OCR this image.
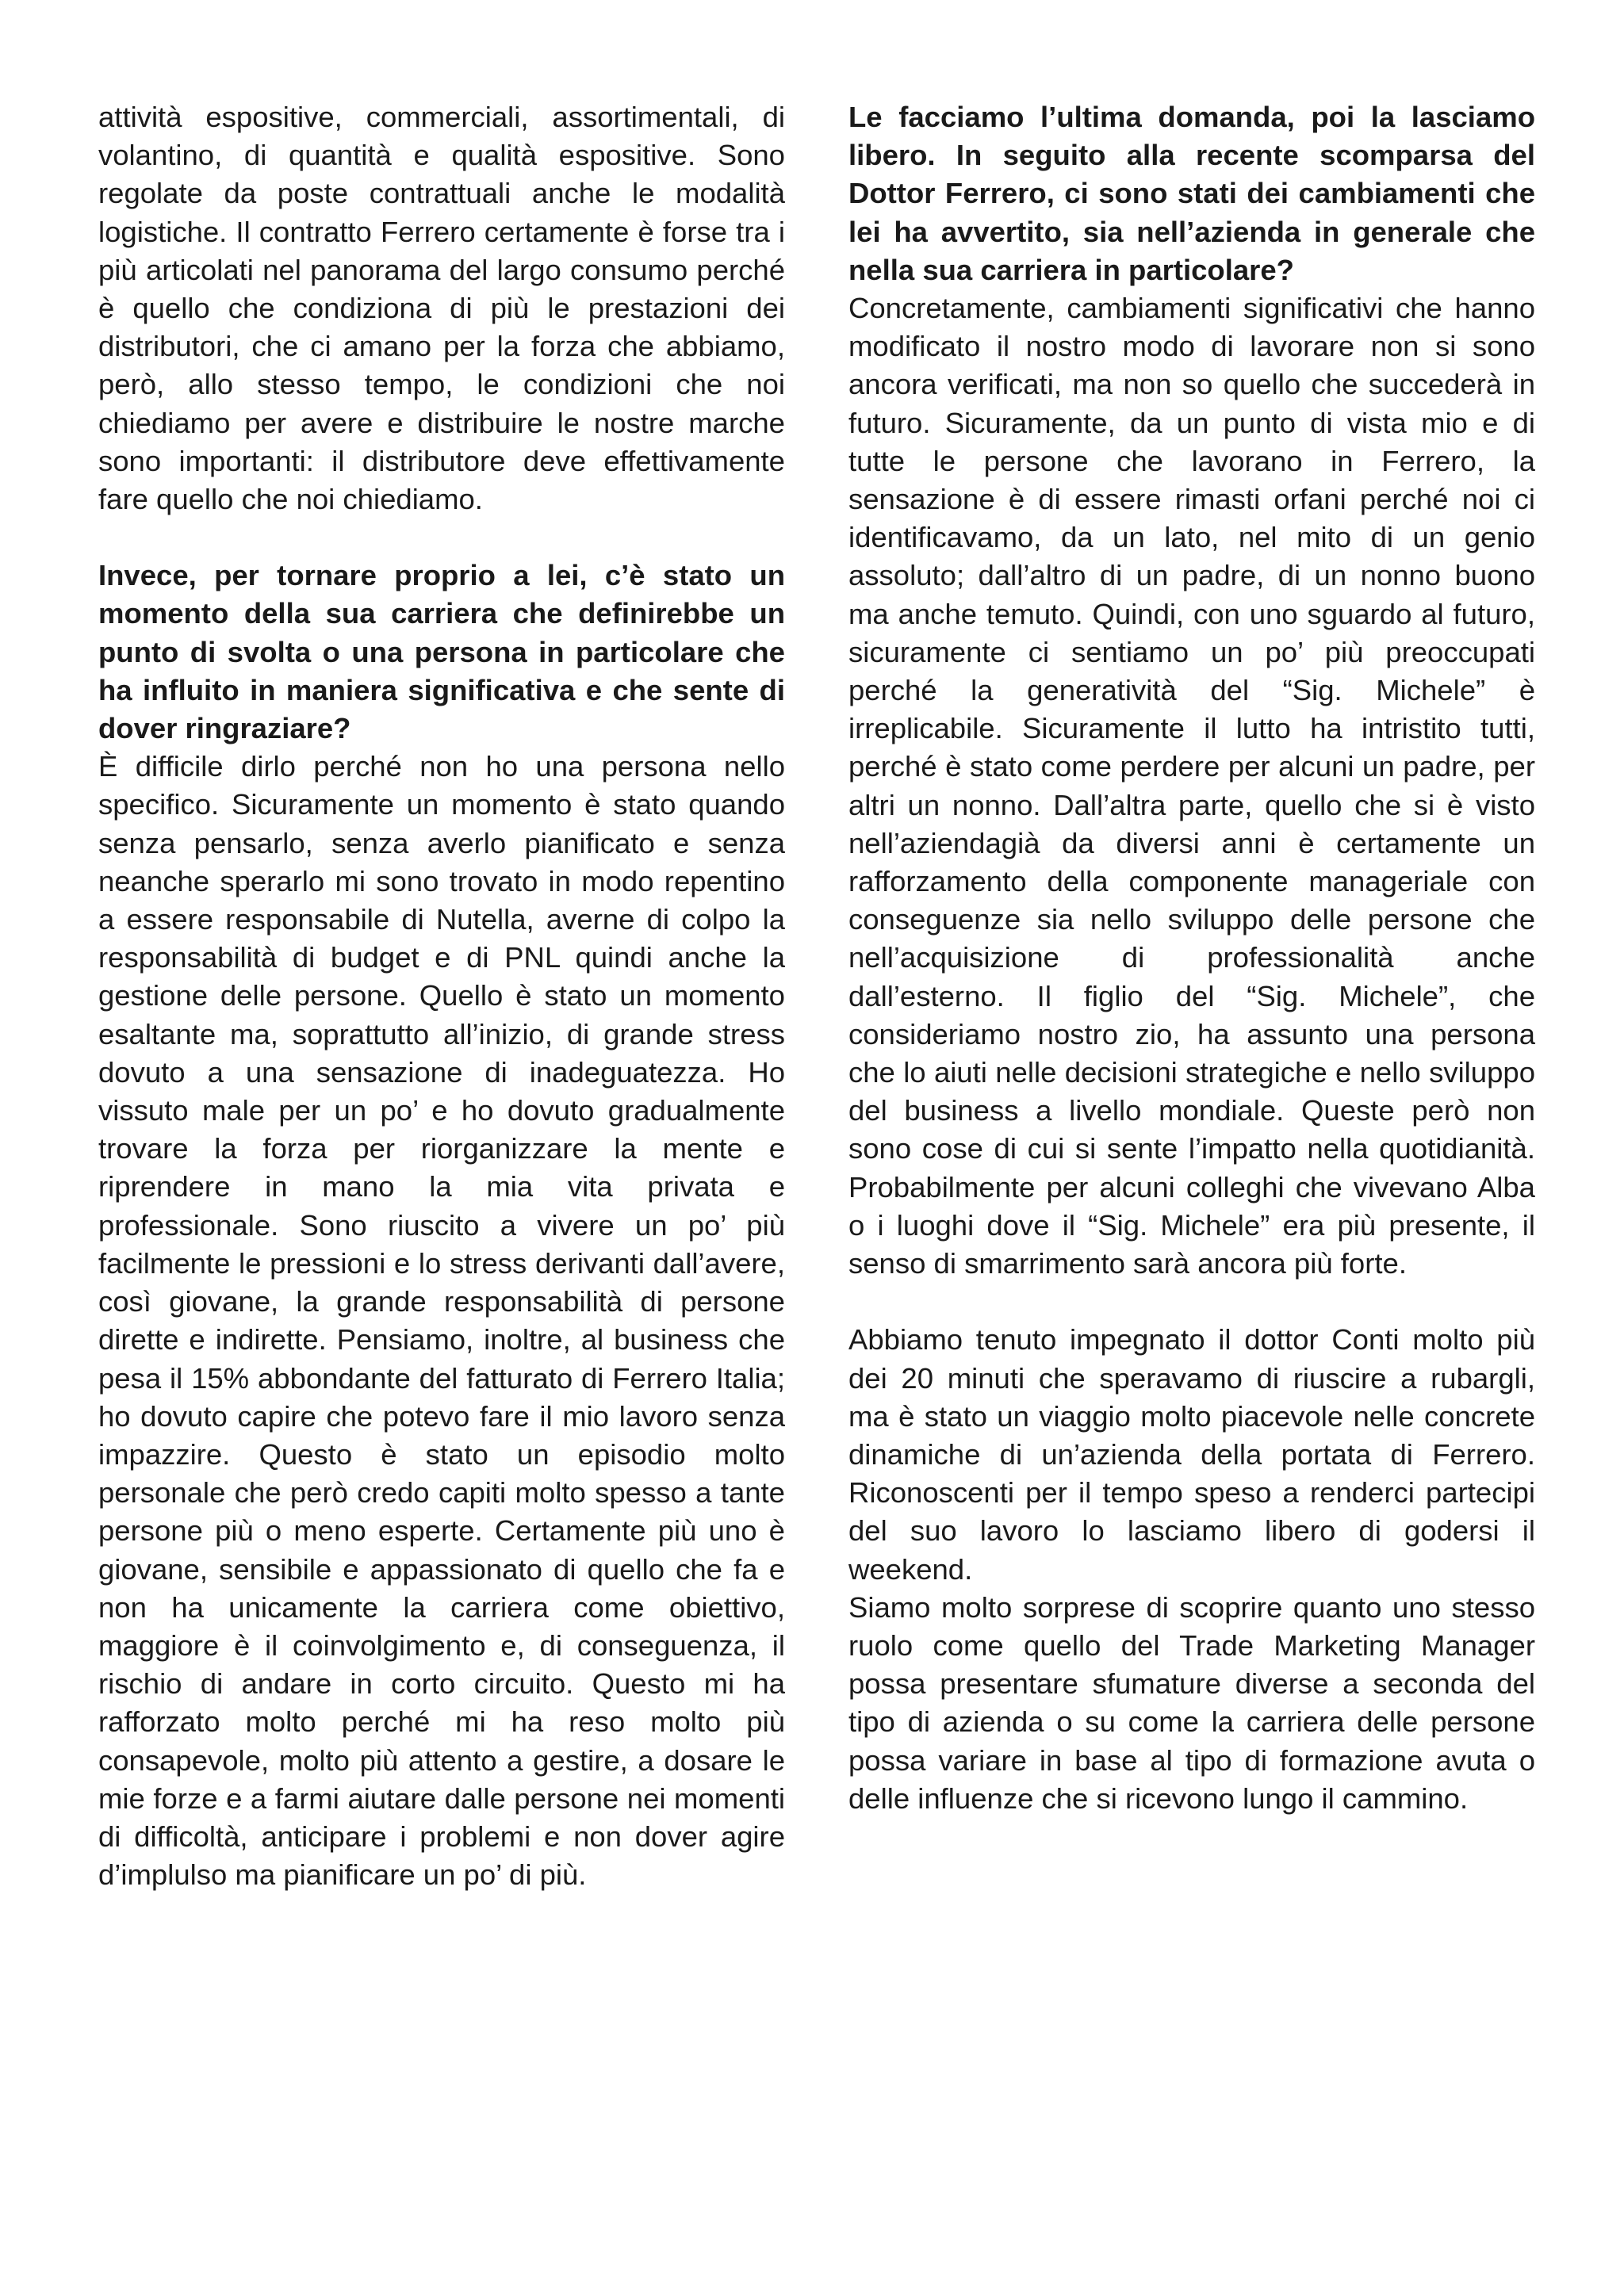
attività espositive, commerciali, assortimentali, di volantino, di quantità e qualità espositive. Sono regolate da poste contrattuali anche le modalità logistiche. Il contratto Ferrero certamente è forse tra i più articolati nel panorama del largo consumo perché è quello che condiziona di più le prestazioni dei distributori, che ci amano per la forza che abbiamo, però, allo stesso tempo, le condizioni che noi chiediamo per avere e distribuire le nostre marche sono importanti: il distributore deve effettivamente fare quello che noi chiediamo.

Invece, per tornare proprio a lei, c’è stato un momento della sua carriera che definirebbe un punto di svolta o una persona in particolare che ha influito in maniera significativa e che sente di dover ringraziare?

È difficile dirlo perché non ho una persona nello specifico. Sicuramente un momento è stato quando senza pensarlo, senza averlo pianificato e senza neanche sperarlo mi sono trovato in modo repentino a essere responsabile di Nutella, averne di colpo la responsabilità di budget e di PNL quindi anche la gestione delle persone. Quello è stato un momento esaltante ma, soprattutto all’inizio, di grande stress dovuto a una sensazione di inadeguatezza. Ho vissuto male per un po’ e ho dovuto gradualmente trovare la forza per riorganizzare la mente e riprendere in mano la mia vita privata e professionale. Sono riuscito a vivere un po’ più facilmente le pressioni e lo stress derivanti dall’avere, così giovane, la grande responsabilità di persone dirette e indirette. Pensiamo, inoltre, al business che pesa il 15% abbondante del fatturato di Ferrero Italia; ho dovuto capire che potevo fare il mio lavoro senza impazzire. Questo è stato un episodio molto personale che però credo capiti molto spesso a tante persone più o meno esperte. Certamente più uno è giovane, sensibile e appassionato di quello che fa e non ha unicamente la carriera come obiettivo, maggiore è il coinvolgimento e, di conseguenza, il rischio di andare in corto circuito. Questo mi ha rafforzato molto perché mi ha reso molto più consapevole, molto più attento a gestire, a dosare le mie forze e a farmi aiutare dalle persone nei momenti di difficoltà, anticipare i problemi e non dover agire d’implulso ma pianificare un po’ di più.

Le facciamo l’ultima domanda, poi la lasciamo libero. In seguito alla recente scomparsa del Dottor Ferrero, ci sono stati dei cambiamenti che lei ha avvertito, sia nell’azienda in generale che nella sua carriera in particolare?

Concretamente, cambiamenti significativi che hanno modificato il nostro modo di lavorare non si sono ancora verificati, ma non so quello che succederà in futuro. Sicuramente, da un punto di vista mio e di tutte le persone che lavorano in Ferrero, la sensazione è di essere rimasti orfani perché noi ci identificavamo, da un lato, nel mito di un genio assoluto; dall’altro di un padre, di un nonno buono ma anche temuto. Quindi, con uno sguardo al futuro, sicuramente ci sentiamo un po’ più preoccupati perché la generatività del “Sig. Michele” è irreplicabile. Sicuramente il lutto ha intristito tutti, perché è stato come perdere per alcuni un padre, per altri un nonno. Dall’altra parte, quello che si è visto nell’aziendagià da diversi anni è certamente un rafforzamento della componente manageriale con conseguenze sia nello sviluppo delle persone che nell’acquisizione di professionalità anche dall’esterno. Il figlio del “Sig. Michele”, che consideriamo nostro zio, ha assunto una persona che lo aiuti nelle decisioni strategiche e nello sviluppo del business a livello mondiale. Queste però non sono cose di cui si sente l’impatto nella quotidianità. Probabilmente per alcuni colleghi che vivevano Alba o i luoghi dove il “Sig. Michele” era più presente, il senso di smarrimento sarà ancora più forte.

Abbiamo tenuto impegnato il dottor Conti molto più dei 20 minuti che speravamo di riuscire a rubargli, ma è stato un viaggio molto piacevole nelle concrete dinamiche di un’azienda della portata di Ferrero. Riconoscenti per il tempo speso a renderci partecipi del suo lavoro lo lasciamo libero di godersi il weekend.

Siamo molto sorprese di scoprire quanto uno stesso ruolo come quello del Trade Marketing Manager possa presentare sfumature diverse a seconda del tipo di azienda o su come la carriera delle persone possa variare in base al tipo di formazione avuta o delle influenze che si ricevono lungo il cammino.
